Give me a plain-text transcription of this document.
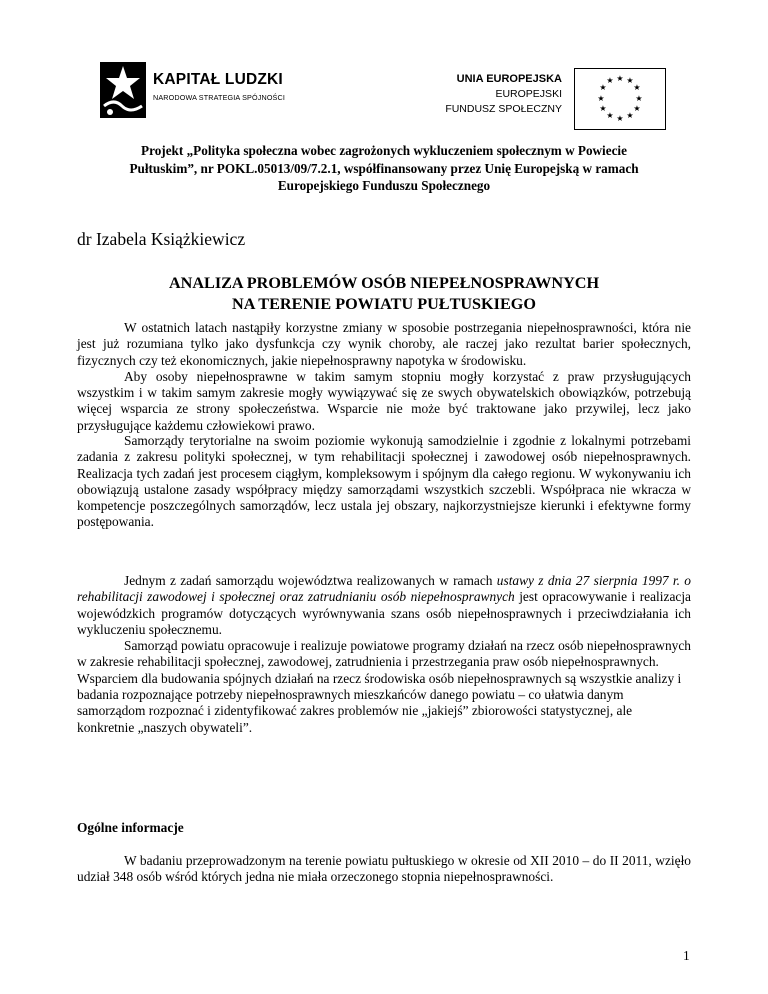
KAPITAŁ LUDZKI
NARODOWA STRATEGIA SPÓJNOŚCI
UNIA EUROPEJSKA
EUROPEJSKI
FUNDUSZ SPOŁECZNY
★ ★
★
★
★
★
★
★
★
★
★
★
Projekt „Polityka społeczna wobec zagrożonych wykluczeniem społecznym w Powiecie
Pułtuskim”, nr POKL.05013/09/7.2.1, współfinansowany przez Unię Europejską w ramach
Europejskiego Funduszu Społecznego
dr Izabela Książkiewicz
ANALIZA PROBLEMÓW OSÓB NIEPEŁNOSPRAWNYCH
NA TERENIE POWIATU PUŁTUSKIEGO

W ostatnich latach nastąpiły korzystne zmiany w sposobie postrzegania niepełnosprawności, która nie jest już rozumiana tylko jako dysfunkcja czy wynik choroby, ale raczej jako rezultat barier społecznych, fizycznych czy też ekonomicznych, jakie niepełnosprawny napotyka w środowisku.

Aby osoby niepełnosprawne w takim samym stopniu mogły korzystać z praw przysługujących wszystkim i w takim samym zakresie mogły wywiązywać się ze swych obywatelskich obowiązków, potrzebują więcej wsparcia ze strony społeczeństwa. Wsparcie nie może być traktowane jako przywilej, lecz jako przysługujące każdemu człowiekowi prawo.

Samorządy terytorialne na swoim poziomie wykonują samodzielnie i zgodnie z lokalnymi potrzebami zadania z zakresu polityki społecznej, w tym rehabilitacji społecznej i zawodowej osób niepełnosprawnych. Realizacja tych zadań jest procesem ciągłym, kompleksowym i spójnym dla całego regionu. W wykonywaniu ich obowiązują ustalone zasady współpracy między samorządami wszystkich szczebli. Współpraca nie wkracza w kompetencje poszczególnych samorządów, lecz ustala jej obszary, najkorzystniejsze kierunki i efektywne formy postępowania.

Jednym z zadań samorządu województwa realizowanych w ramach ustawy z dnia 27 sierpnia 1997 r. o rehabilitacji zawodowej i społecznej oraz zatrudnianiu osób niepełnosprawnych jest opracowywanie i realizacja wojewódzkich programów dotyczących wyrównywania szans osób niepełnosprawnych i przeciwdziałania ich wykluczeniu społecznemu.

Samorząd powiatu opracowuje i realizuje powiatowe programy działań na rzecz osób niepełnosprawnych w zakresie rehabilitacji społecznej, zawodowej, zatrudnienia i przestrzegania praw osób niepełnosprawnych.

Wsparciem dla budowania spójnych działań na rzecz środowiska osób niepełnosprawnych są wszystkie analizy i badania rozpoznające potrzeby niepełnosprawnych mieszkańców danego powiatu – co ułatwia danym samorządom rozpoznać i zidentyfikować zakres problemów nie „jakiejś” zbiorowości statystycznej, ale konkretnie „naszych obywateli”.

Ogólne informacje

W badaniu przeprowadzonym na terenie powiatu pułtuskiego w okresie od XII 2010 – do II 2011, wzięło udział 348 osób wśród których jedna nie miała orzeczonego stopnia niepełnosprawności.

1
